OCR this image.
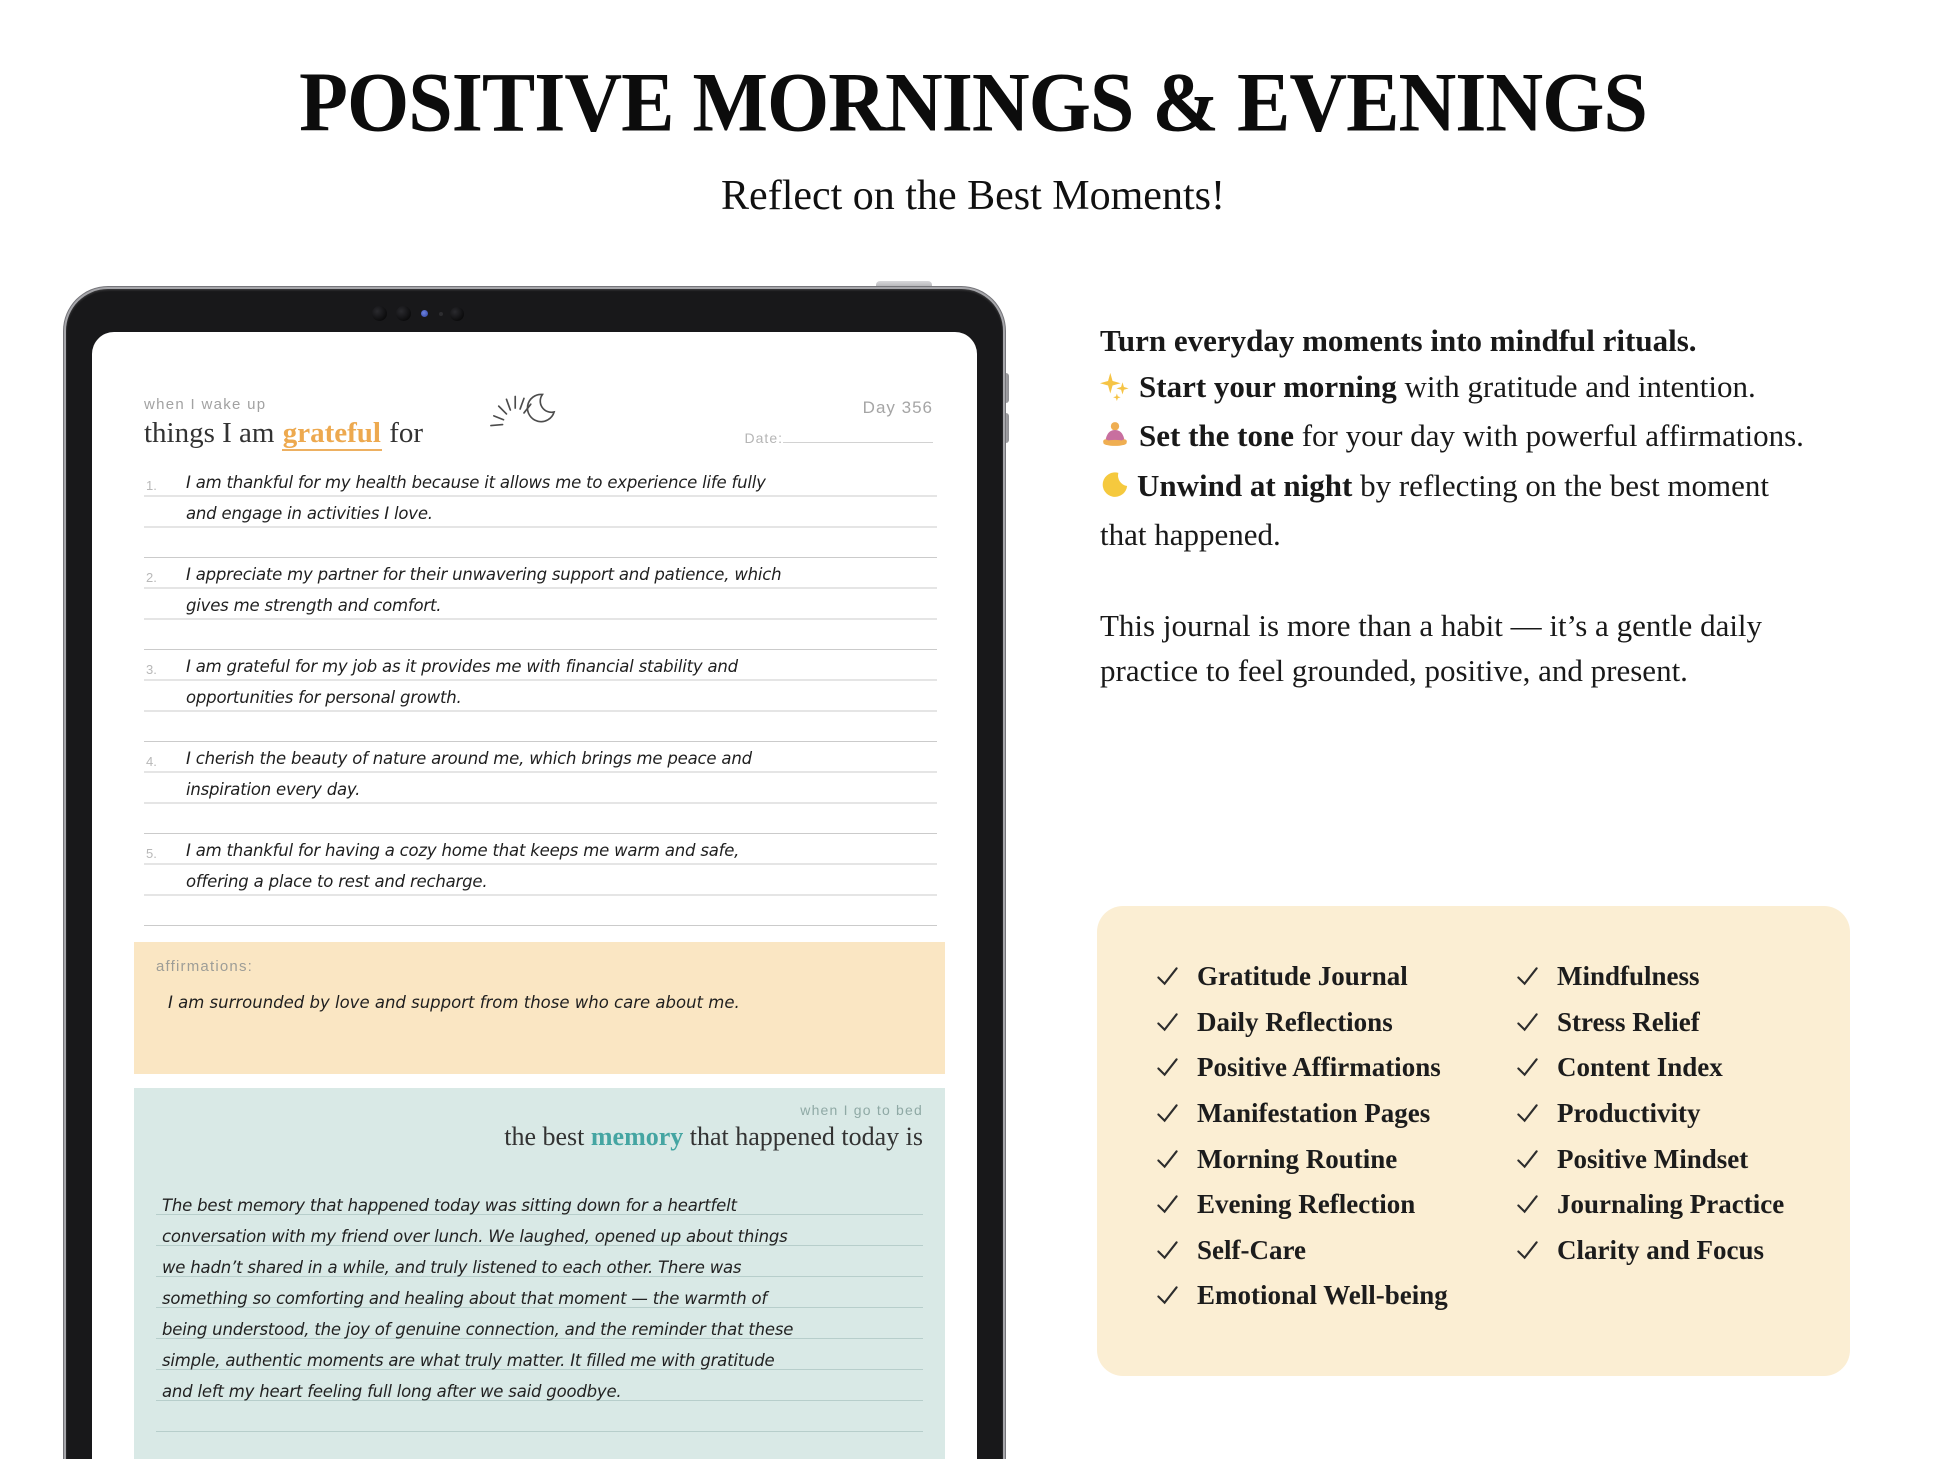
POSITIVE MORNINGS & EVENINGS
Reflect on the Best Moments!
when I wake up
things I am grateful for
Day 356
Date:
1.	I am thankful for my health because it allows me to experience life fully and engage in activities I love.

2.	I appreciate my partner for their unwavering support and patience, which gives me strength and comfort.

3.	I am grateful for my job as it provides me with financial stability and opportunities for personal growth.

4.	I cherish the beauty of nature around me, which brings me peace and inspiration every day.

5.	I am thankful for having a cozy home that keeps me warm and safe, offering a place to rest and recharge.

affirmations:
I am surrounded by love and support from those who care about me.
when I go to bed
the best memory that happened today is

The best memory that happened today was sitting down for a heartfelt conversation with my friend over lunch. We laughed, opened up about things we hadn’t shared in a while, and truly listened to each other. There was something so comforting and healing about that moment — the warmth of being understood, the joy of genuine connection, and the reminder that these simple, authentic moments are what truly matter. It filled me with gratitude and left my heart feeling full long after we said goodbye.

Turn everyday moments into mindful rituals.

Start your morning with gratitude and intention.

Set the tone for your day with powerful affirmations.

Unwind at night by reflecting on the best moment that happened.

This journal is more than a habit — it’s a gentle daily practice to feel grounded, positive, and present.

Gratitude Journal
Daily Reflections
Positive Affirmations
Manifestation Pages
Morning Routine
Evening Reflection
Self-Care
Emotional Well-being
Mindfulness
Stress Relief
Content Index
Productivity
Positive Mindset
Journaling Practice
Clarity and Focus
